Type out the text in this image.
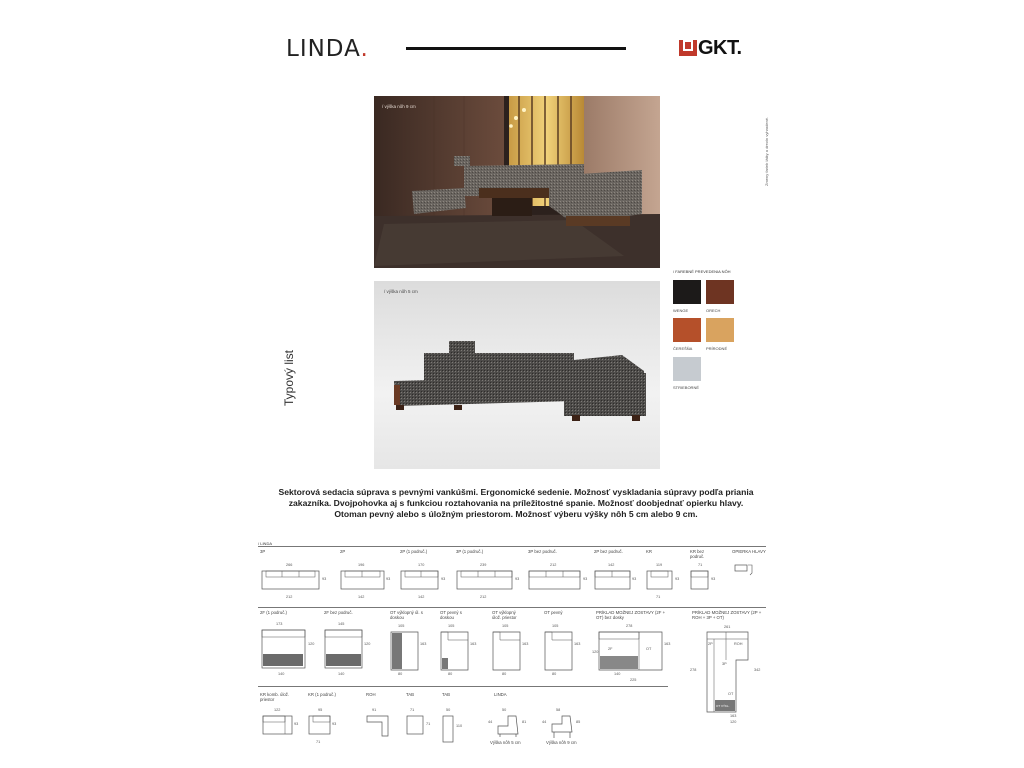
LINDA.	GKT.
/ výška nôh 9 cm
/ výška nôh 5 cm
Zmeny farieb látky a drevín vyhradené.
Typový list
/ FAREBNÉ PREVEDENIA NÔH
WENGE	ORECH
ČEREŠŇA	PRÍRODNÉ
STRIEBORNÉ
Sektorová sedacia súprava s pevnými vankúšmi. Ergonomické sedenie. Možnosť vyskladania súpravy podľa priania
zakazníka. Dvojpohovka aj s funkciou roztahovania na príležitostné spanie. Možnosť doobjednať opierku hlavy.
Otoman pevný alebo s úložným priestorom. Možnosť výberu výšky nôh 5 cm alebo 9 cm.
/ LINDA
3P
266
93
212
2P
196
93
142
2P (1 područ.)
170
93
142
3P (1 područ.)
239
93
212
3P bez područ.
212
93
2P bez područ.
142
93
KR
119
93
71
KR bez područ.
71
93
OPIERKA HLAVY
2F (1 područ.)
173
120
140
2F bez područ.
145
120
140
OT výklopný úl. s doskou
105
163
80
OT pevný s doskou
105
163
80
OT výklopný úlož. priestor
105
163
80
OT pevný
105
163
80
PRÍKLAD MOŽNEJ ZOSTAVY (2F + OT) bez dosky
278
2F	OT
120
163
140
225
PRÍKLAD MOŽNEJ ZOSTAVY (2P + ROH + 3P + OT)
261
2P	ROH
3P
OT
OT VÝKL.
278	342
163
120
KR komb. úlož. priestor
122
93
KR (1 područ.)
95
93
71
ROH
91
TAB
71
71
TAB
50
110
LINDA
50
44	81
Výška nôh 5 cm
58
44	85
Výška nôh 9 cm
